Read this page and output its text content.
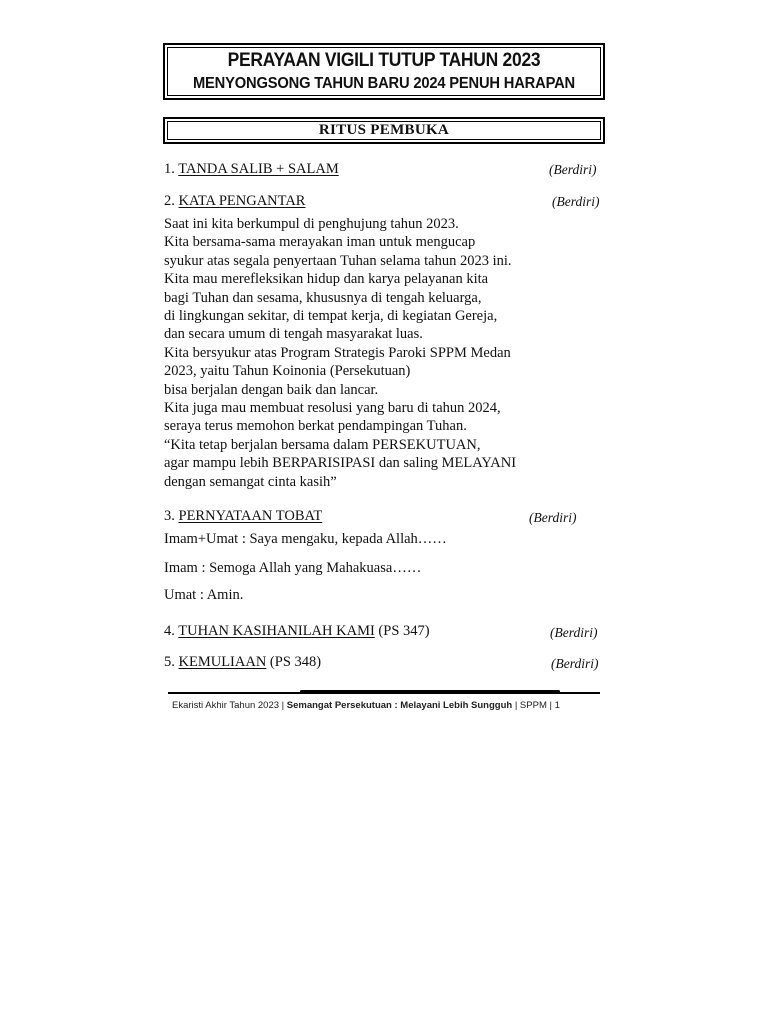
PERAYAAN VIGILI TUTUP TAHUN 2023
MENYONGSONG TAHUN BARU 2024 PENUH HARAPAN
RITUS PEMBUKA
1. TANDA SALIB + SALAM	(Berdiri)
2. KATA PENGANTAR	(Berdiri)
Saat ini kita berkumpul di penghujung tahun 2023.
Kita bersama-sama merayakan iman untuk mengucap
syukur atas segala penyertaan Tuhan selama tahun 2023 ini.
Kita mau merefleksikan hidup dan karya pelayanan kita
bagi Tuhan dan sesama, khususnya di tengah keluarga,
di lingkungan sekitar, di tempat kerja, di kegiatan Gereja,
dan secara umum di tengah masyarakat luas.
Kita bersyukur atas Program Strategis Paroki SPPM Medan
2023, yaitu Tahun Koinonia (Persekutuan)
bisa berjalan dengan baik dan lancar.
Kita juga mau membuat resolusi yang baru di tahun 2024,
seraya terus memohon berkat pendampingan Tuhan.
“Kita tetap berjalan bersama dalam PERSEKUTUAN,
agar mampu lebih BERPARISIPASI dan saling MELAYANI
dengan semangat cinta kasih”
3. PERNYATAAN TOBAT	(Berdiri)
Imam+Umat : Saya mengaku, kepada Allah……
Imam : Semoga Allah yang Mahakuasa……
Umat : Amin.
4. TUHAN KASIHANILAH KAMI (PS 347)	(Berdiri)
5. KEMULIAAN (PS 348)	(Berdiri)
Ekaristi Akhir Tahun 2023 | Semangat Persekutuan : Melayani Lebih Sungguh | SPPM | 1
